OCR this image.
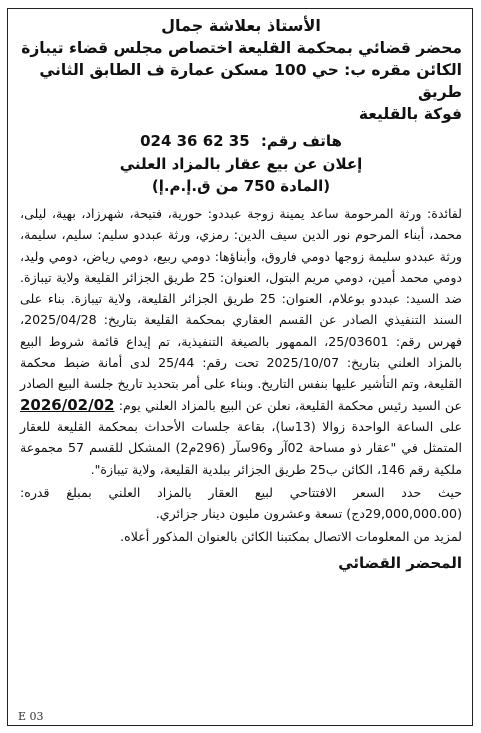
الأستاذ بعلاشة جمال
محضر قضائي بمحكمة القليعة اختصاص مجلس قضاء تيبازة
الكائن مقره ب: حي 100 مسكن عمارة ف الطابق الثاني طريق
فوكة بالقليعة
هاتف رقم: 024 36 62 35
إعلان عن بيع عقار بالمزاد العلني
(المادة 750 من ق.إ.م.إ)

لفائدة: ورثة المرحومة ساعد يمينة زوجة عبددو: حورية، فتيحة، شهرزاد، بهية، ليلى، محمد، أبناء المرحوم نور الدين سيف الدين: رمزي، ورثة عبددو سليم: سليم، سليمة، ورثة عبددو سليمة زوجها دومي فاروق، وأبناؤها: دومي ربيع، دومي رياض، دومي وليد، دومي محمد أمين، دومي مريم البتول، العنوان: 25 طريق الجزائر القليعة ولاية تيبازة. ضد السيد: عبددو بوعلام، العنوان: 25 طريق الجزائر القليعة، ولاية تيبازة. بناء على السند التنفيذي الصادر عن القسم العقاري بمحكمة القليعة بتاريخ: 2025/04/28، فهرس رقم: 25/03601، الممهور بالصيغة التنفيذية، تم إيداع قائمة شروط البيع بالمزاد العلني بتاريخ: 2025/10/07 تحت رقم: 25/44 لدى أمانة ضبط محكمة القليعة، وتم التأشير عليها بنفس التاريخ. وبناء على أمر بتحديد تاريخ جلسة البيع الصادر عن السيد رئيس محكمة القليعة، نعلن عن البيع بالمزاد العلني يوم: 2026/02/02 على الساعة الواحدة زوالا (13سا)، بقاعة جلسات الأحداث بمحكمة القليعة للعقار المتمثل في "عقار ذو مساحة 02آر و96سآر (296م2) المشكل للقسم 57 مجموعة ملكية رقم 146، الكائن ب25 طريق الجزائر ببلدية القليعة، ولاية تيبازة".

حيث حدد السعر الافتتاحي لبيع العقار بالمزاد العلني بمبلغ قدره: (29,000,000.00دج) تسعة وعشرون مليون دينار جزائري.

لمزيد من المعلومات الاتصال بمكتبنا الكائن بالعنوان المذكور أعلاه.

المحضر القضائي
E 03
